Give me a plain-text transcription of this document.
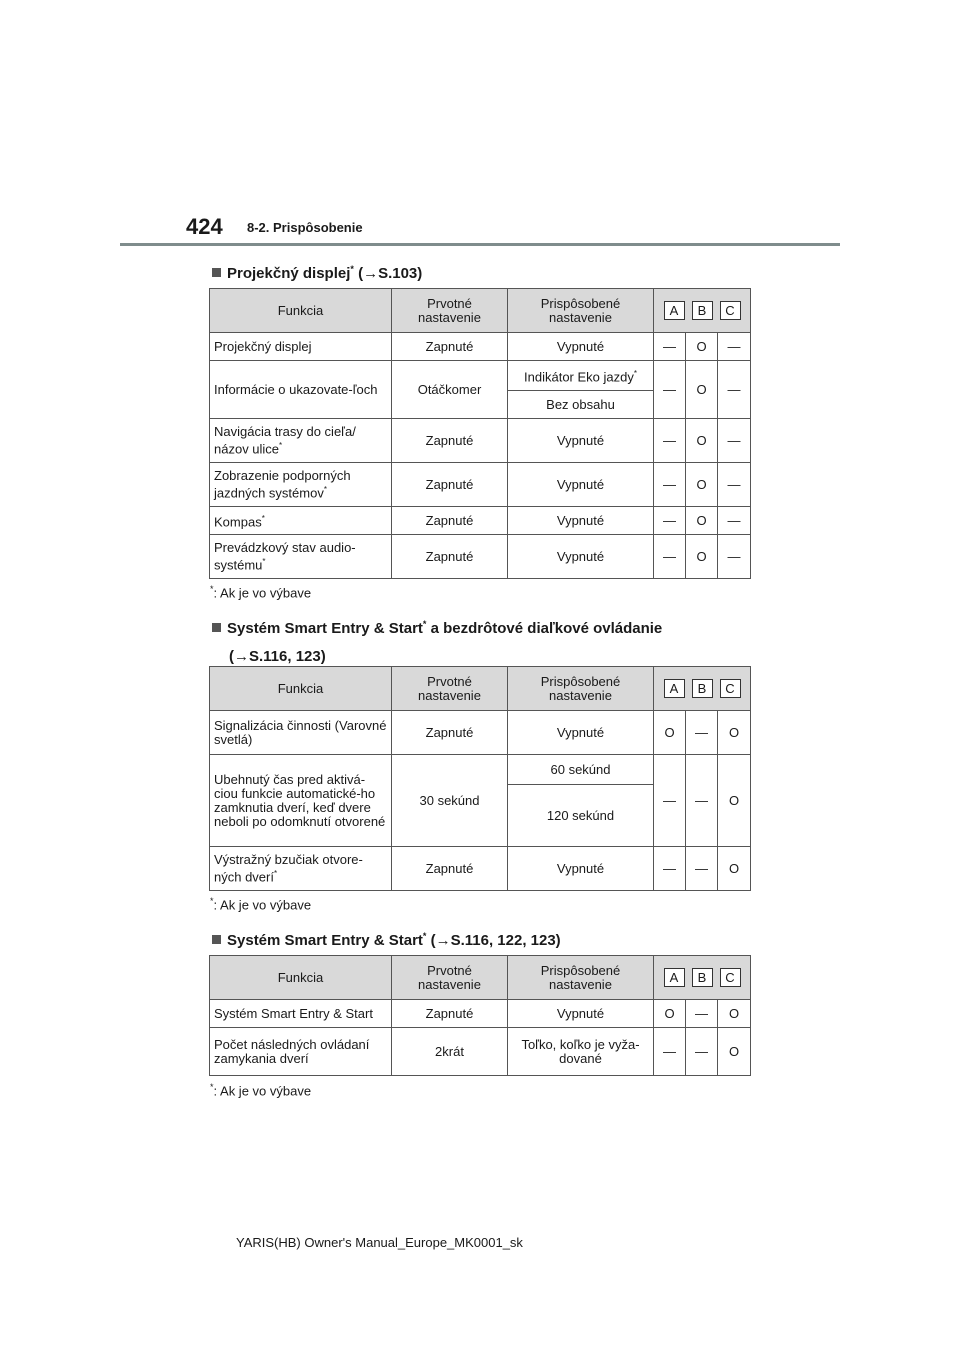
424 8-2. Prispôsobenie
Projekčný displej* (→S.103)
Funkcia	Prvotné nastavenie	Prispôsobené nastavenie	A B C		

Projekčný displej	Zapnuté	Vypnuté	—	O	—
Informácie o ukazovate-ľoch	Otáčkomer	Indikátor Eko jazdy*	—	O	—
		Bez obsahu			
Navigácia trasy do cieľa/ názov ulice*	Zapnuté	Vypnuté	—	O	—
Zobrazenie podporných jazdných systémov*	Zapnuté	Vypnuté	—	O	—
Kompas*	Zapnuté	Vypnuté	—	O	—
Prevádzkový stav audio-systému*	Zapnuté	Vypnuté	—	O	—
*: Ak je vo výbave
Systém Smart Entry & Start* a bezdrôtové diaľkové ovládanie
(→S.116, 123)
Funkcia	Prvotné nastavenie	Prispôsobené nastavenie	A B C		

Signalizácia činnosti (Varovné svetlá)	Zapnuté	Vypnuté	O	—	O
Ubehnutý čas pred aktivá-ciou funkcie automatické-ho zamknutia dverí, keď dvere neboli po odomknutí otvorené	30 sekúnd	60 sekúnd	—	—	O
		120 sekúnd			
Výstražný bzučiak otvore-ných dverí*	Zapnuté	Vypnuté	—	—	O
*: Ak je vo výbave
Systém Smart Entry & Start* (→S.116, 122, 123)
Funkcia	Prvotné nastavenie	Prispôsobené nastavenie	A B C		

Systém Smart Entry & Start	Zapnuté	Vypnuté	O	—	O
Počet následných ovládaní zamykania dverí	2krát	Toľko, koľko je vyža-dované	—	—	O
*: Ak je vo výbave
YARIS(HB) Owner's Manual_Europe_MK0001_sk
